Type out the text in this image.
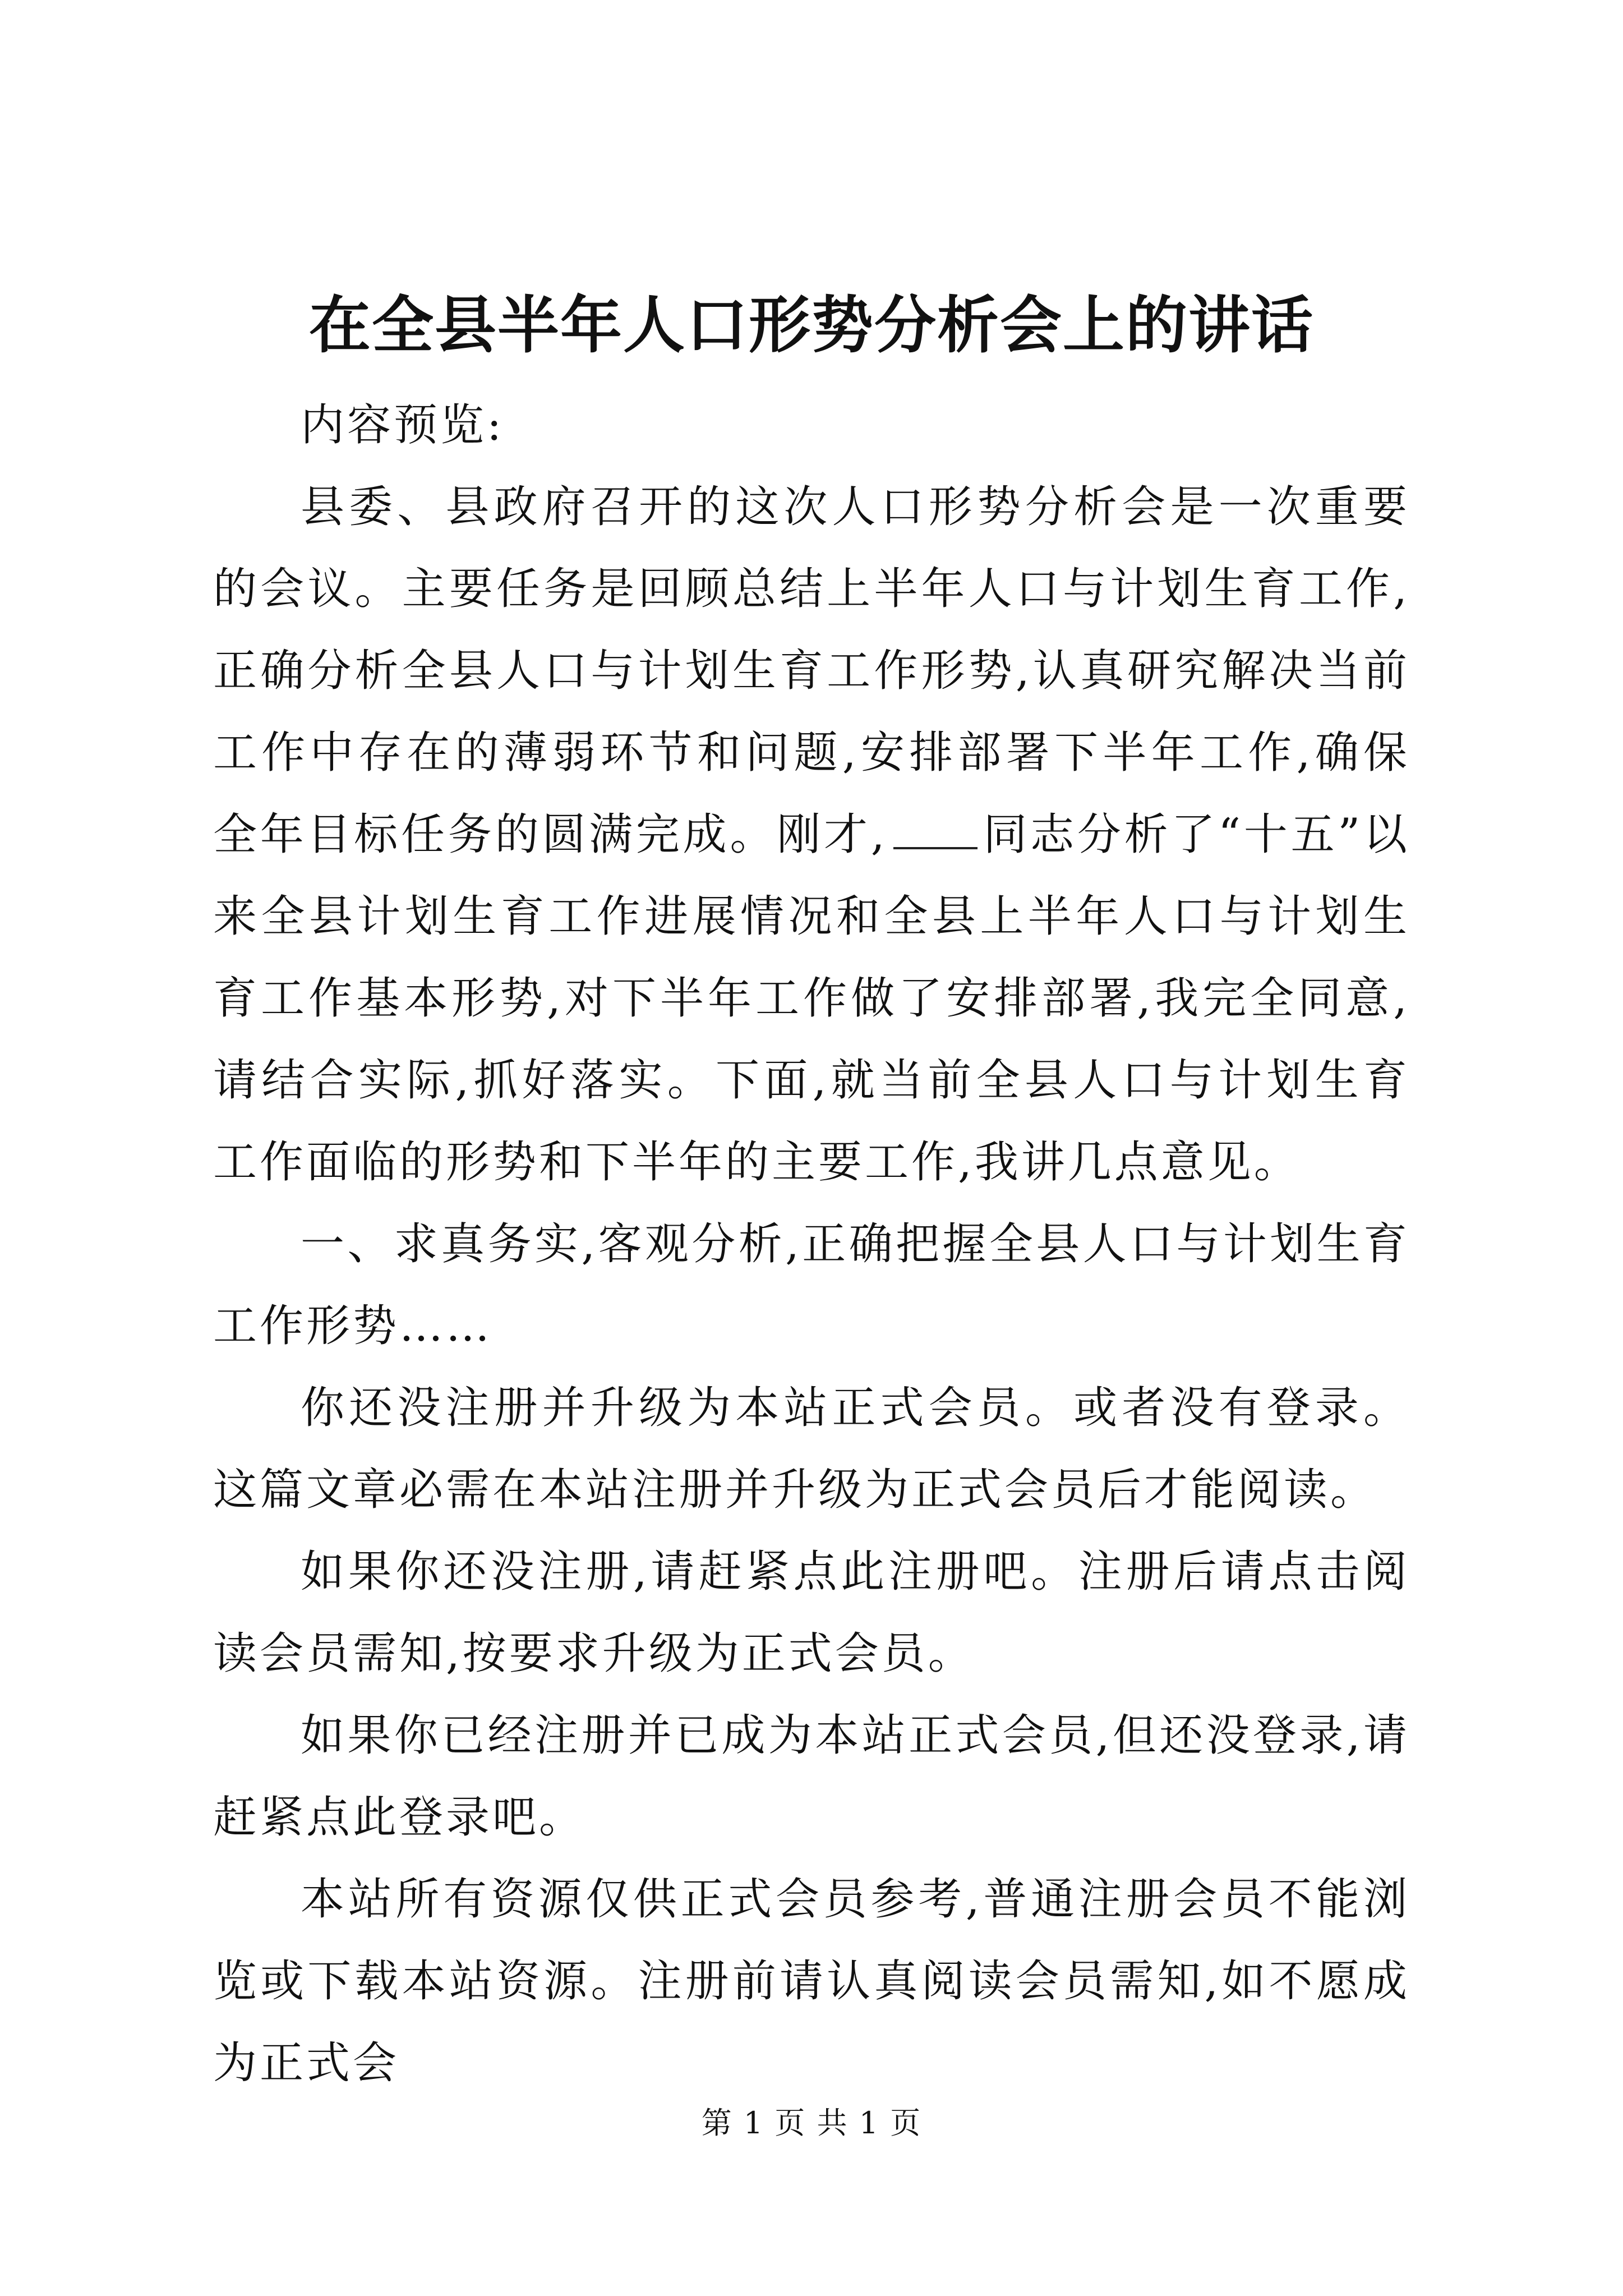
在全县半年人口形势分析会上的讲话

内容预览:

县委、县政府召开的这次人口形势分析会是一次重要的会议。主要任务是回顾总结上半年人口与计划生育工作,正确分析全县人口与计划生育工作形势,认真研究解决当前工作中存在的薄弱环节和问题,安排部署下半年工作,确保全年目标任务的圆满完成。刚才, 同志分析了“十五”以来全县计划生育工作进展情况和全县上半年人口与计划生育工作基本形势,对下半年工作做了安排部署,我完全同意,请结合实际,抓好落实。下面,就当前全县人口与计划生育工作面临的形势和下半年的主要工作,我讲几点意见。

一、求真务实,客观分析,正确把握全县人口与计划生育工作形势……

你还没注册并升级为本站正式会员。或者没有登录。这篇文章必需在本站注册并升级为正式会员后才能阅读。

如果你还没注册,请赶紧点此注册吧。注册后请点击阅读会员需知,按要求升级为正式会员。

如果你已经注册并已成为本站正式会员,但还没登录,请赶紧点此登录吧。

本站所有资源仅供正式会员参考,普通注册会员不能浏览或下载本站资源。注册前请认真阅读会员需知,如不愿成为正式会

第 1 页 共 1 页
